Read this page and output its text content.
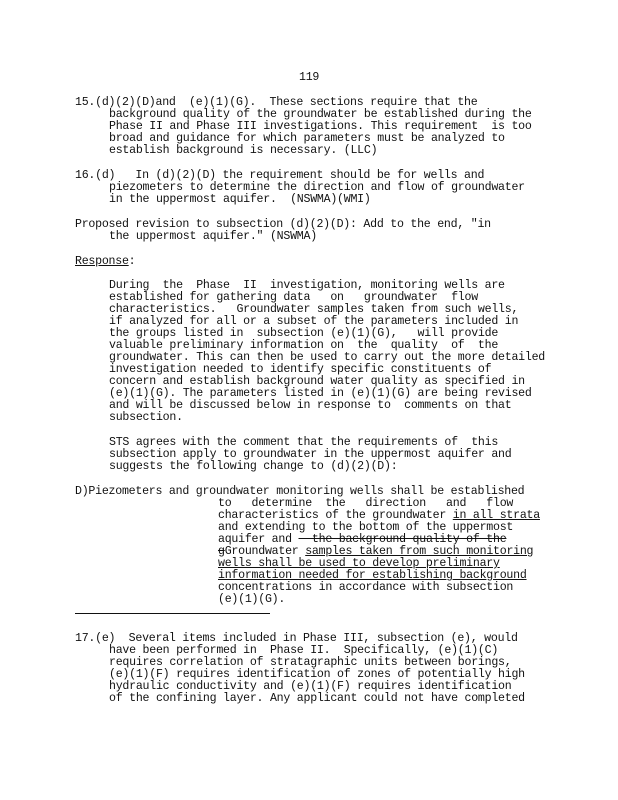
119
15.(d)(2)(D)and  (e)(1)(G).  These sections require that the
background quality of the groundwater be established during the
Phase II and Phase III investigations. This requirement  is too
broad and guidance for which parameters must be analyzed to
establish background is necessary. (LLC)
16.(d)   In (d)(2)(D) the requirement should be for wells and
piezometers to determine the direction and flow of groundwater
in the uppermost aquifer.  (NSWMA)(WMI)
Proposed revision to subsection (d)(2)(D): Add to the end, "in
the uppermost aquifer." (NSWMA)
Response:
During  the  Phase  II  investigation, monitoring wells are
established for gathering data   on   groundwater  flow
characteristics.   Groundwater samples taken from such wells,
if analyzed for all or a subset of the parameters included in
the groups listed in  subsection (e)(1)(G),   will provide
valuable preliminary information on  the  quality  of  the
groundwater. This can then be used to carry out the more detailed
investigation needed to identify specific constituents of
concern and establish background water quality as specified in
(e)(1)(G). The parameters listed in (e)(1)(G) are being revised
and will be discussed below in response to  comments on that
subsection.
STS agrees with the comment that the requirements of  this
subsection apply to groundwater in the uppermost aquifer and
suggests the following change to (d)(2)(D):
D)Piezometers and groundwater monitoring wells shall be established
to   determine  the   direction   and   flow
characteristics of the groundwater in all strata
and extending to the bottom of the uppermost
aquifer and   the background quality of the
gGroundwater samples taken from such monitoring
wells shall be used to develop preliminary
information needed for establishing background
concentrations in accordance with subsection
(e)(1)(G).
17.(e)  Several items included in Phase III, subsection (e), would
have been performed in  Phase II.  Specifically, (e)(1)(C)
requires correlation of stratagraphic units between borings,
(e)(1)(F) requires identification of zones of potentially high
hydraulic conductivity and (e)(1)(F) requires identification
of the confining layer. Any applicant could not have completed
